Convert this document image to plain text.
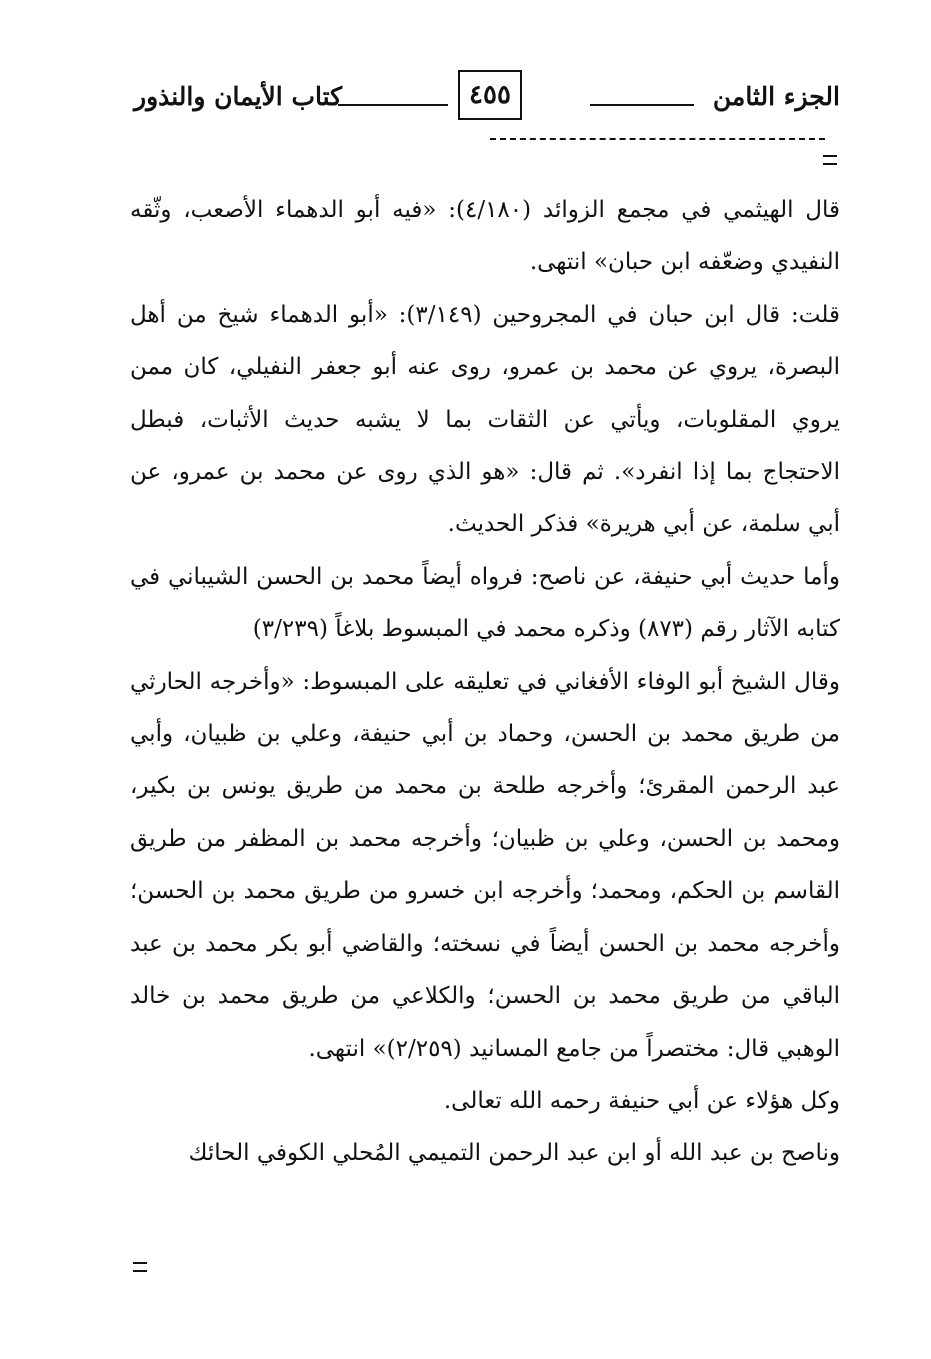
الجزء الثامن
٤٥٥
كتاب الأيمان والنذور

قال الهيثمي في مجمع الزوائد (٤/١٨٠): «فيه أبو الدهماء الأصعب، وثّقه النفيدي وضعّفه ابن حبان» انتهى.

قلت: قال ابن حبان في المجروحين (٣/١٤٩): «أبو الدهماء شيخ من أهل البصرة، يروي عن محمد بن عمرو، روى عنه أبو جعفر النفيلي، كان ممن يروي المقلوبات، ويأتي عن الثقات بما لا يشبه حديث الأثبات، فبطل الاحتجاج بما إذا انفرد». ثم قال: «هو الذي روى عن محمد بن عمرو، عن أبي سلمة، عن أبي هريرة» فذكر الحديث.

وأما حديث أبي حنيفة، عن ناصح: فرواه أيضاً محمد بن الحسن الشيباني في كتابه الآثار رقم (٨٧٣) وذكره محمد في المبسوط بلاغاً (٣/٢٣٩)

وقال الشيخ أبو الوفاء الأفغاني في تعليقه على المبسوط: «وأخرجه الحارثي من طريق محمد بن الحسن، وحماد بن أبي حنيفة، وعلي بن ظبيان، وأبي عبد الرحمن المقرئ؛ وأخرجه طلحة بن محمد من طريق يونس بن بكير، ومحمد بن الحسن، وعلي بن ظبيان؛ وأخرجه محمد بن المظفر من طريق القاسم بن الحكم، ومحمد؛ وأخرجه ابن خسرو من طريق محمد بن الحسن؛ وأخرجه محمد بن الحسن أيضاً في نسخته؛ والقاضي أبو بكر محمد بن عبد الباقي من طريق محمد بن الحسن؛ والكلاعي من طريق محمد بن خالد الوهبي قال: مختصراً من جامع المسانيد (٢/٢٥٩)» انتهى.

وكل هؤلاء عن أبي حنيفة رحمه الله تعالى.

وناصح بن عبد الله أو ابن عبد الرحمن التميمي المُحلي الكوفي الحائك
